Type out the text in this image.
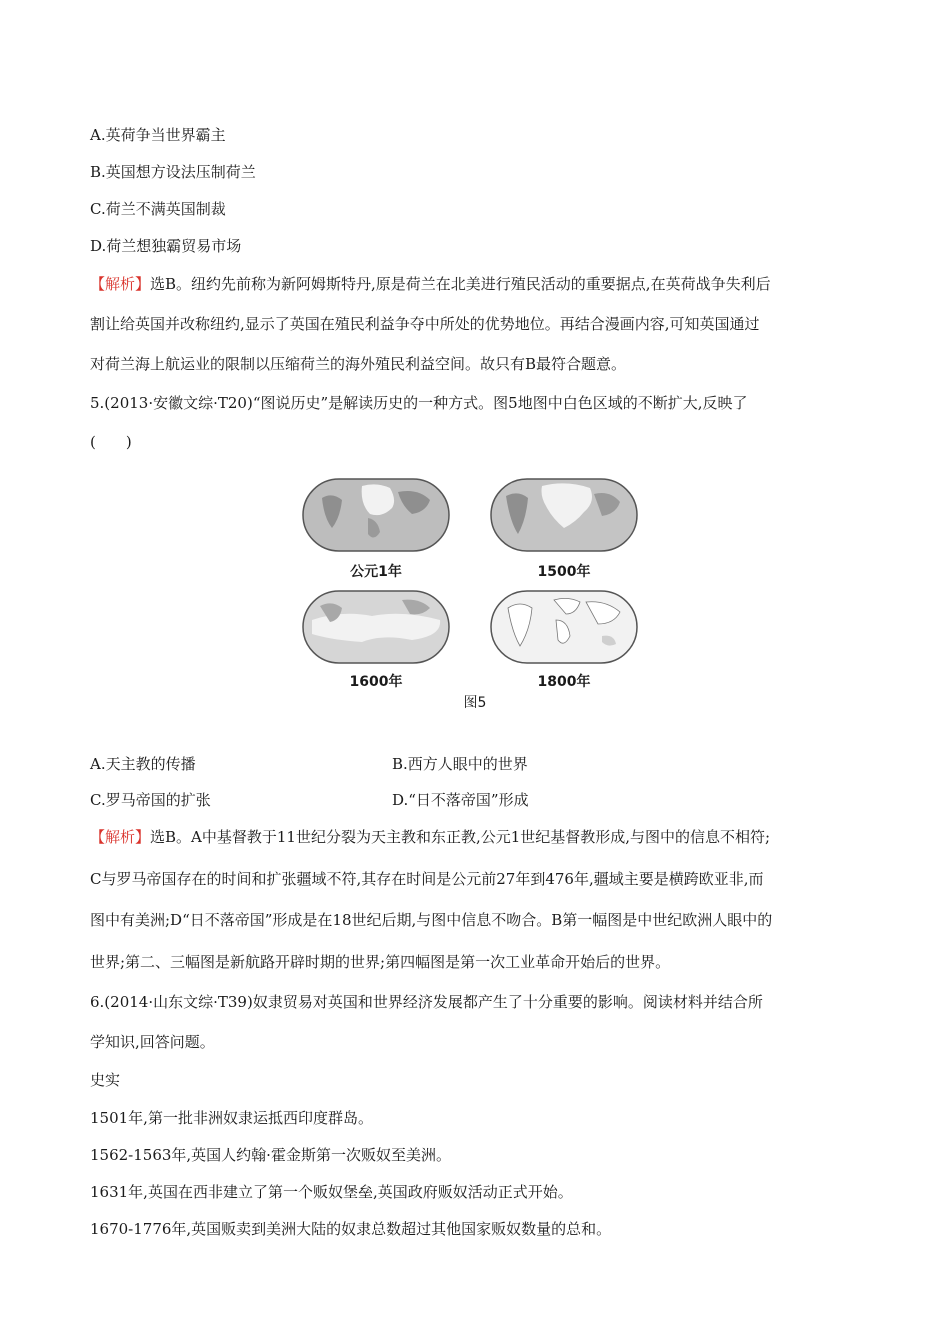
A.英荷争当世界霸主
B.英国想方设法压制荷兰
C.荷兰不满英国制裁
D.荷兰想独霸贸易市场
【解析】选B。纽约先前称为新阿姆斯特丹,原是荷兰在北美进行殖民活动的重要据点,在英荷战争失利后
割让给英国并改称纽约,显示了英国在殖民利益争夺中所处的优势地位。再结合漫画内容,可知英国通过
对荷兰海上航运业的限制以压缩荷兰的海外殖民利益空间。故只有B最符合题意。
5.(2013·安徽文综·T20)“图说历史”是解读历史的一种方式。图5地图中白色区域的不断扩大,反映了
(　　)
公元1年	1500年
1600年	1800年
图5
A.天主教的传播	B.西方人眼中的世界
C.罗马帝国的扩张	D.“日不落帝国”形成
【解析】选B。A中基督教于11世纪分裂为天主教和东正教,公元1世纪基督教形成,与图中的信息不相符;
C与罗马帝国存在的时间和扩张疆域不符,其存在时间是公元前27年到476年,疆域主要是横跨欧亚非,而
图中有美洲;D“日不落帝国”形成是在18世纪后期,与图中信息不吻合。B第一幅图是中世纪欧洲人眼中的
世界;第二、三幅图是新航路开辟时期的世界;第四幅图是第一次工业革命开始后的世界。
6.(2014·山东文综·T39)奴隶贸易对英国和世界经济发展都产生了十分重要的影响。阅读材料并结合所
学知识,回答问题。
史实
1501年,第一批非洲奴隶运抵西印度群岛。
1562-1563年,英国人约翰·霍金斯第一次贩奴至美洲。
1631年,英国在西非建立了第一个贩奴堡垒,英国政府贩奴活动正式开始。
1670-1776年,英国贩卖到美洲大陆的奴隶总数超过其他国家贩奴数量的总和。
